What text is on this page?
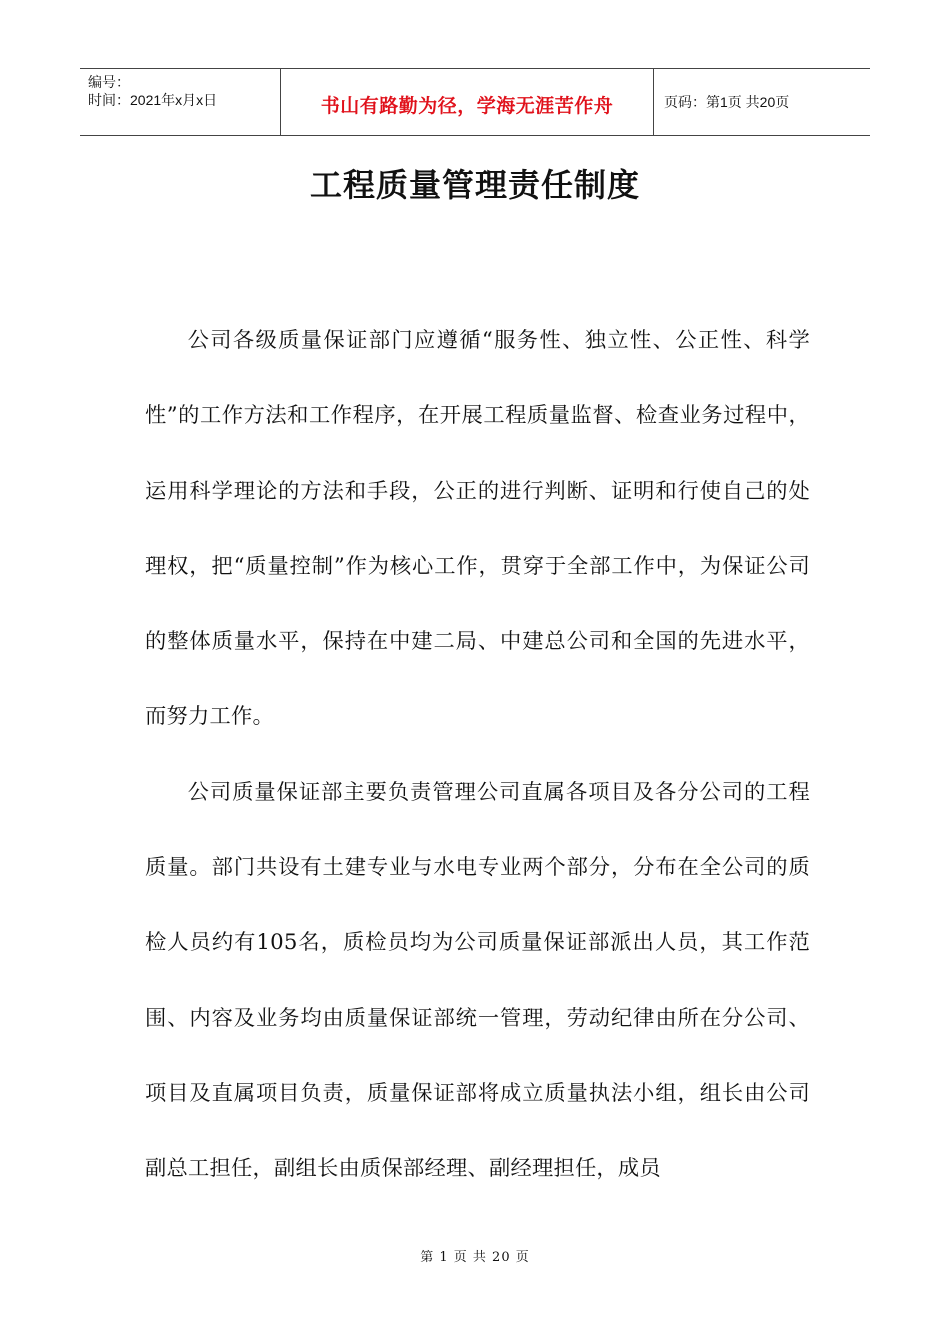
编号：
时间：2021年x月x日	书山有路勤为径，学海无涯苦作舟	页码：第1页 共20页
工程质量管理责任制度

公司各级质量保证部门应遵循“服务性、独立性、公正性、科学性”的工作方法和工作程序，在开展工程质量监督、检查业务过程中，运用科学理论的方法和手段，公正的进行判断、证明和行使自己的处理权，把“质量控制”作为核心工作，贯穿于全部工作中，为保证公司的整体质量水平，保持在中建二局、中建总公司和全国的先进水平，而努力工作。

公司质量保证部主要负责管理公司直属各项目及各分公司的工程质量。部门共设有土建专业与水电专业两个部分，分布在全公司的质检人员约有105名，质检员均为公司质量保证部派出人员，其工作范围、内容及业务均由质量保证部统一管理，劳动纪律由所在分公司、项目及直属项目负责，质量保证部将成立质量执法小组，组长由公司副总工担任，副组长由质保部经理、副经理担任，成员

第 1 页 共 20 页
